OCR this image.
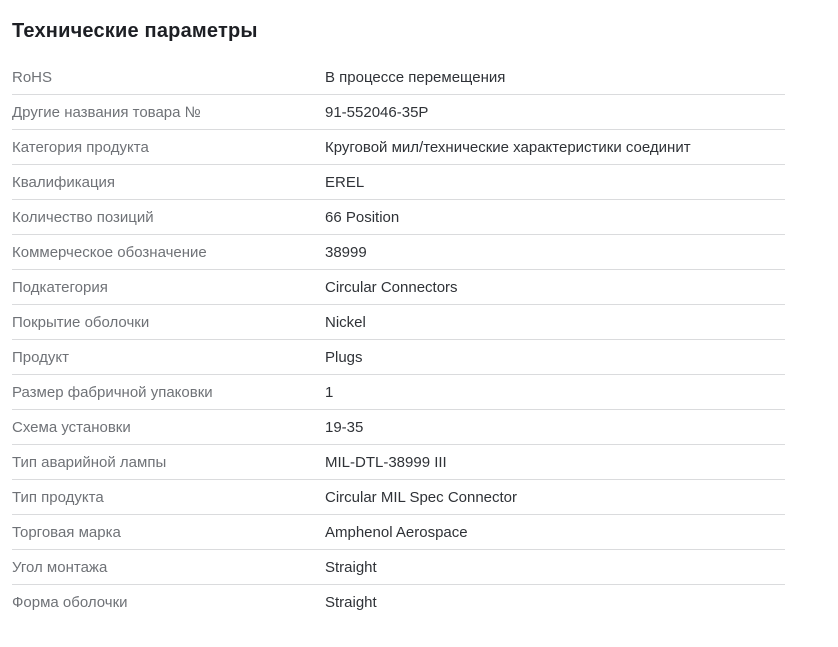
Технические параметры
RoHS	В процессе перемещения
Другие названия товара №	91-552046-35P
Категория продукта	Круговой мил/технические характеристики соединит
Квалификация	EREL
Количество позиций	66 Position
Коммерческое обозначение	38999
Подкатегория	Circular Connectors
Покрытие оболочки	Nickel
Продукт	Plugs
Размер фабричной упаковки	1
Схема установки	19-35
Тип аварийной лампы	MIL-DTL-38999 III
Тип продукта	Circular MIL Spec Connector
Торговая марка	Amphenol Aerospace
Угол монтажа	Straight
Форма оболочки	Straight
